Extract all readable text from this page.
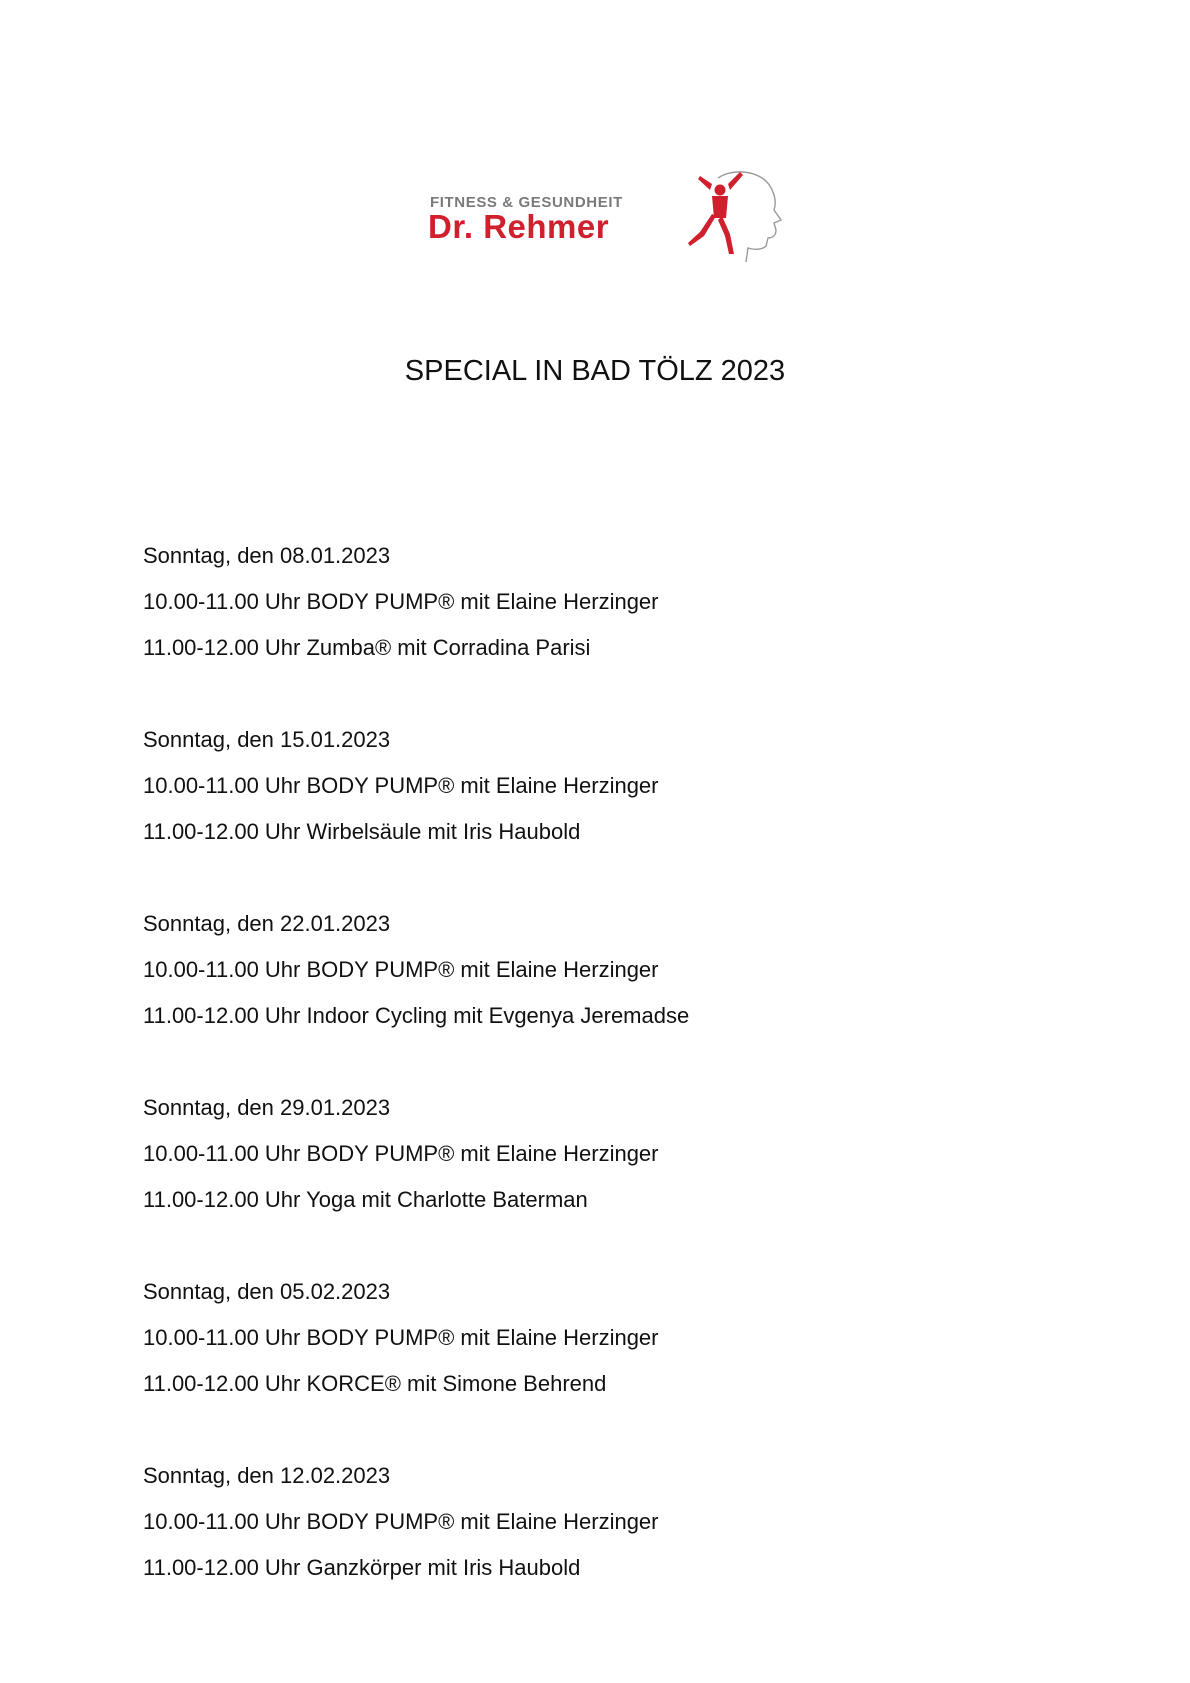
FITNESS & GESUNDHEIT
Dr. Rehmer
SPECIAL IN BAD TÖLZ 2023
Sonntag, den 08.01.2023
10.00-11.00 Uhr BODY PUMP® mit Elaine Herzinger
11.00-12.00 Uhr Zumba® mit Corradina Parisi
Sonntag, den 15.01.2023
10.00-11.00 Uhr BODY PUMP® mit Elaine Herzinger
11.00-12.00 Uhr Wirbelsäule mit Iris Haubold
Sonntag, den 22.01.2023
10.00-11.00 Uhr BODY PUMP® mit Elaine Herzinger
11.00-12.00 Uhr Indoor Cycling mit Evgenya Jeremadse
Sonntag, den 29.01.2023
10.00-11.00 Uhr BODY PUMP® mit Elaine Herzinger
11.00-12.00 Uhr Yoga mit Charlotte Baterman
Sonntag, den 05.02.2023
10.00-11.00 Uhr BODY PUMP® mit Elaine Herzinger
11.00-12.00 Uhr KORCE® mit Simone Behrend
Sonntag, den 12.02.2023
10.00-11.00 Uhr BODY PUMP® mit Elaine Herzinger
11.00-12.00 Uhr Ganzkörper mit Iris Haubold
